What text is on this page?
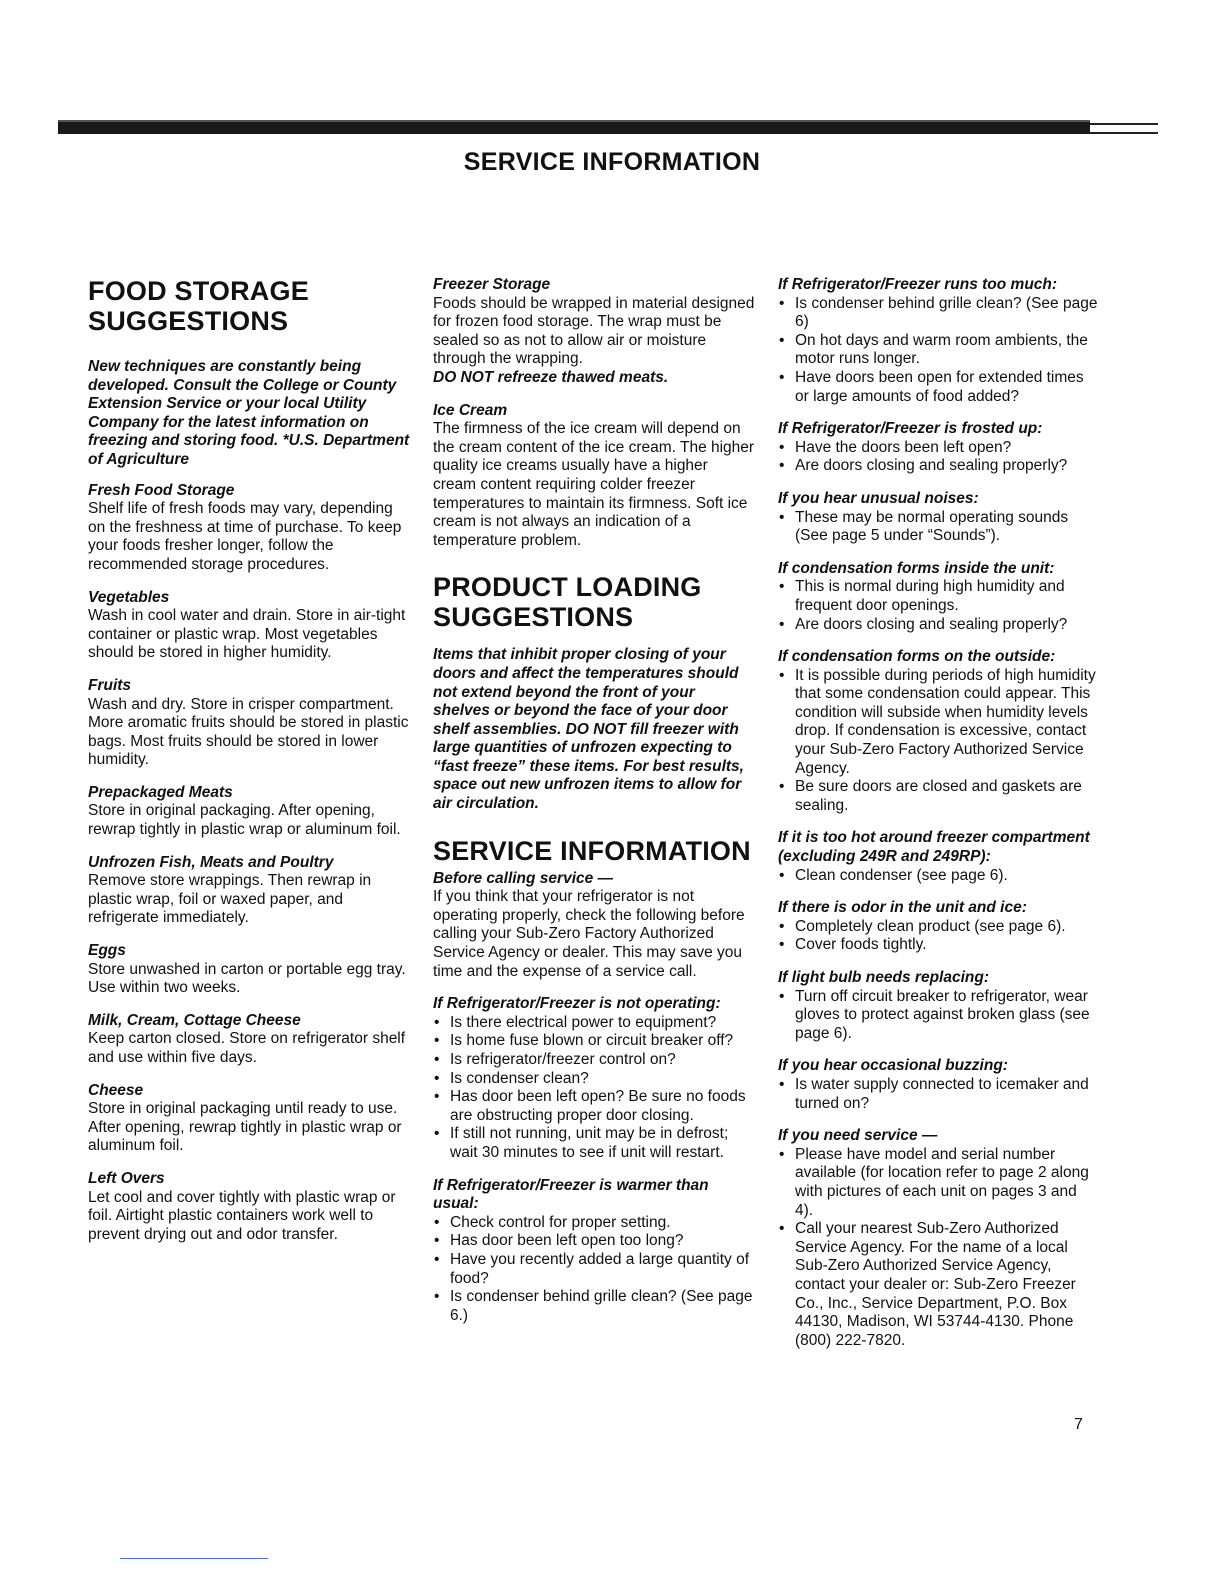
SERVICE INFORMATION
FOOD STORAGE SUGGESTIONS
New techniques are constantly being developed. Consult the College or County Extension Service or your local Utility Company for the latest information on freezing and storing food. *U.S. Department of Agriculture
Fresh Food Storage
Shelf life of fresh foods may vary, depending on the freshness at time of purchase. To keep your foods fresher longer, follow the recommended storage procedures.
Vegetables
Wash in cool water and drain. Store in air-tight container or plastic wrap. Most vegetables should be stored in higher humidity.
Fruits
Wash and dry. Store in crisper compartment. More aromatic fruits should be stored in plastic bags. Most fruits should be stored in lower humidity.
Prepackaged Meats
Store in original packaging. After opening, rewrap tightly in plastic wrap or aluminum foil.
Unfrozen Fish, Meats and Poultry
Remove store wrappings. Then rewrap in plastic wrap, foil or waxed paper, and refrigerate immediately.
Eggs
Store unwashed in carton or portable egg tray. Use within two weeks.
Milk, Cream, Cottage Cheese
Keep carton closed. Store on refrigerator shelf and use within five days.
Cheese
Store in original packaging until ready to use. After opening, rewrap tightly in plastic wrap or aluminum foil.
Left Overs
Let cool and cover tightly with plastic wrap or foil. Airtight plastic containers work well to prevent drying out and odor transfer.
Freezer Storage
Foods should be wrapped in material designed for frozen food storage. The wrap must be sealed so as not to allow air or moisture through the wrapping.
DO NOT refreeze thawed meats.
Ice Cream
The firmness of the ice cream will depend on the cream content of the ice cream. The higher quality ice creams usually have a higher cream content requiring colder freezer temperatures to maintain its firmness. Soft ice cream is not always an indication of a temperature problem.
PRODUCT LOADING SUGGESTIONS
Items that inhibit proper closing of your doors and affect the temperatures should not extend beyond the front of your shelves or beyond the face of your door shelf assemblies. DO NOT fill freezer with large quantities of unfrozen expecting to “fast freeze” these items. For best results, space out new unfrozen items to allow for air circulation.
SERVICE INFORMATION
Before calling service —
If you think that your refrigerator is not operating properly, check the following before calling your Sub-Zero Factory Authorized Service Agency or dealer. This may save you time and the expense of a service call.
If Refrigerator/Freezer is not operating:
• Is there electrical power to equipment?
• Is home fuse blown or circuit breaker off?
• Is refrigerator/freezer control on?
• Is condenser clean?
• Has door been left open? Be sure no foods are obstructing proper door closing.
• If still not running, unit may be in defrost; wait 30 minutes to see if unit will restart.
If Refrigerator/Freezer is warmer than usual:
• Check control for proper setting.
• Has door been left open too long?
• Have you recently added a large quantity of food?
• Is condenser behind grille clean? (See page 6.)
If Refrigerator/Freezer runs too much:
• Is condenser behind grille clean? (See page 6)
• On hot days and warm room ambients, the motor runs longer.
• Have doors been open for extended times or large amounts of food added?
If Refrigerator/Freezer is frosted up:
• Have the doors been left open?
• Are doors closing and sealing properly?
If you hear unusual noises:
• These may be normal operating sounds (See page 5 under “Sounds”).
If condensation forms inside the unit:
• This is normal during high humidity and frequent door openings.
• Are doors closing and sealing properly?
If condensation forms on the outside:
• It is possible during periods of high humidity that some condensation could appear. This condition will subside when humidity levels drop. If condensation is excessive, contact your Sub-Zero Factory Authorized Service Agency.
• Be sure doors are closed and gaskets are sealing.
If it is too hot around freezer compartment (excluding 249R and 249RP):
• Clean condenser (see page 6).
If there is odor in the unit and ice:
• Completely clean product (see page 6).
• Cover foods tightly.
If light bulb needs replacing:
• Turn off circuit breaker to refrigerator, wear gloves to protect against broken glass (see page 6).
If you hear occasional buzzing:
• Is water supply connected to icemaker and turned on?
If you need service —
• Please have model and serial number available (for location refer to page 2 along with pictures of each unit on pages 3 and 4).
• Call your nearest Sub-Zero Authorized Service Agency. For the name of a local Sub-Zero Authorized Service Agency, contact your dealer or: Sub-Zero Freezer Co., Inc., Service Department, P.O. Box 44130, Madison, WI 53744-4130. Phone (800) 222-7820.
7
